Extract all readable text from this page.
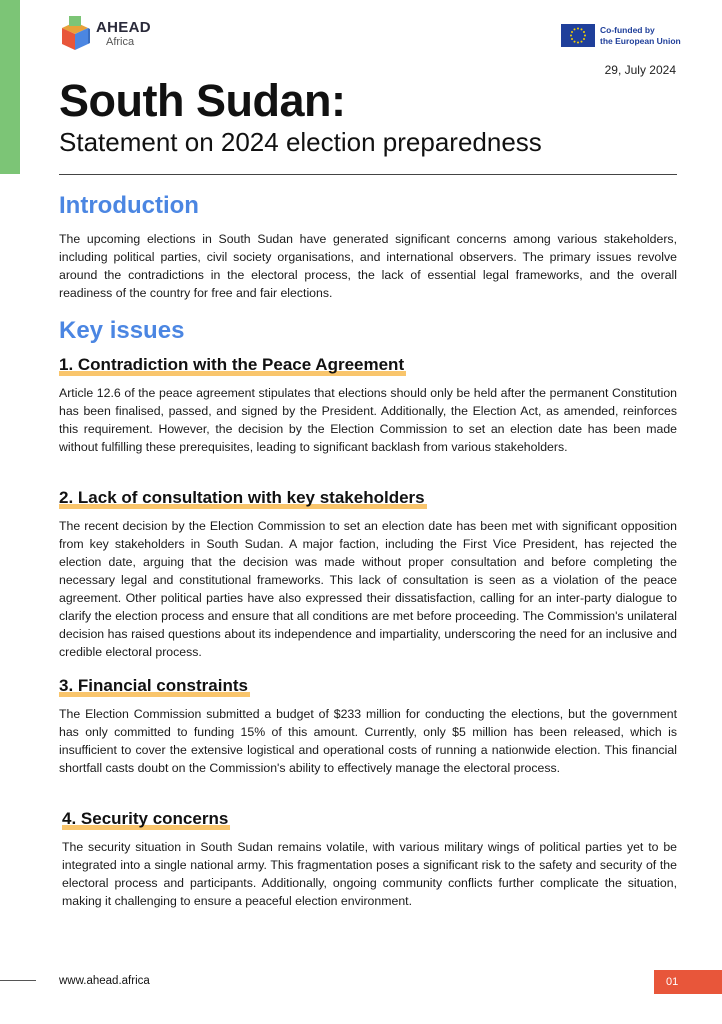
AHEAD
Africa
Co-funded by
the European Union
29, July 2024
South Sudan:
Statement on 2024 election preparedness
Introduction

The upcoming elections in South Sudan have generated significant concerns among various stakeholders, including political parties, civil society organisations, and international observers. The primary issues revolve around the contradictions in the electoral process, the lack of essential legal frameworks, and the overall readiness of the country for free and fair elections.

Key issues
1. Contradiction with the Peace Agreement

Article 12.6 of the peace agreement stipulates that elections should only be held after the permanent Constitution has been finalised, passed, and signed by the President. Additionally, the Election Act, as amended, reinforces this requirement. However, the decision by the Election Commission to set an election date has been made without fulfilling these prerequisites, leading to significant backlash from various stakeholders.

2. Lack of consultation with key stakeholders

The recent decision by the Election Commission to set an election date has been met with significant opposition from key stakeholders in South Sudan. A major faction, including the First Vice President, has rejected the election date, arguing that the decision was made without proper consultation and before completing the necessary legal and constitutional frameworks. This lack of consultation is seen as a violation of the peace agreement. Other political parties have also expressed their dissatisfaction, calling for an inter-party dialogue to clarify the election process and ensure that all conditions are met before proceeding. The Commission's unilateral decision has raised questions about its independence and impartiality, underscoring the need for an inclusive and credible electoral process.

3. Financial constraints

The Election Commission submitted a budget of $233 million for conducting the elections, but the government has only committed to funding 15% of this amount. Currently, only $5 million has been released, which is insufficient to cover the extensive logistical and operational costs of running a nationwide election. This financial shortfall casts doubt on the Commission's ability to effectively manage the electoral process.

4. Security concerns

The security situation in South Sudan remains volatile, with various military wings of political parties yet to be integrated into a single national army. This fragmentation poses a significant risk to the safety and security of the electoral process and participants. Additionally, ongoing community conflicts further complicate the situation, making it challenging to ensure a peaceful election environment.

www.ahead.africa	01
